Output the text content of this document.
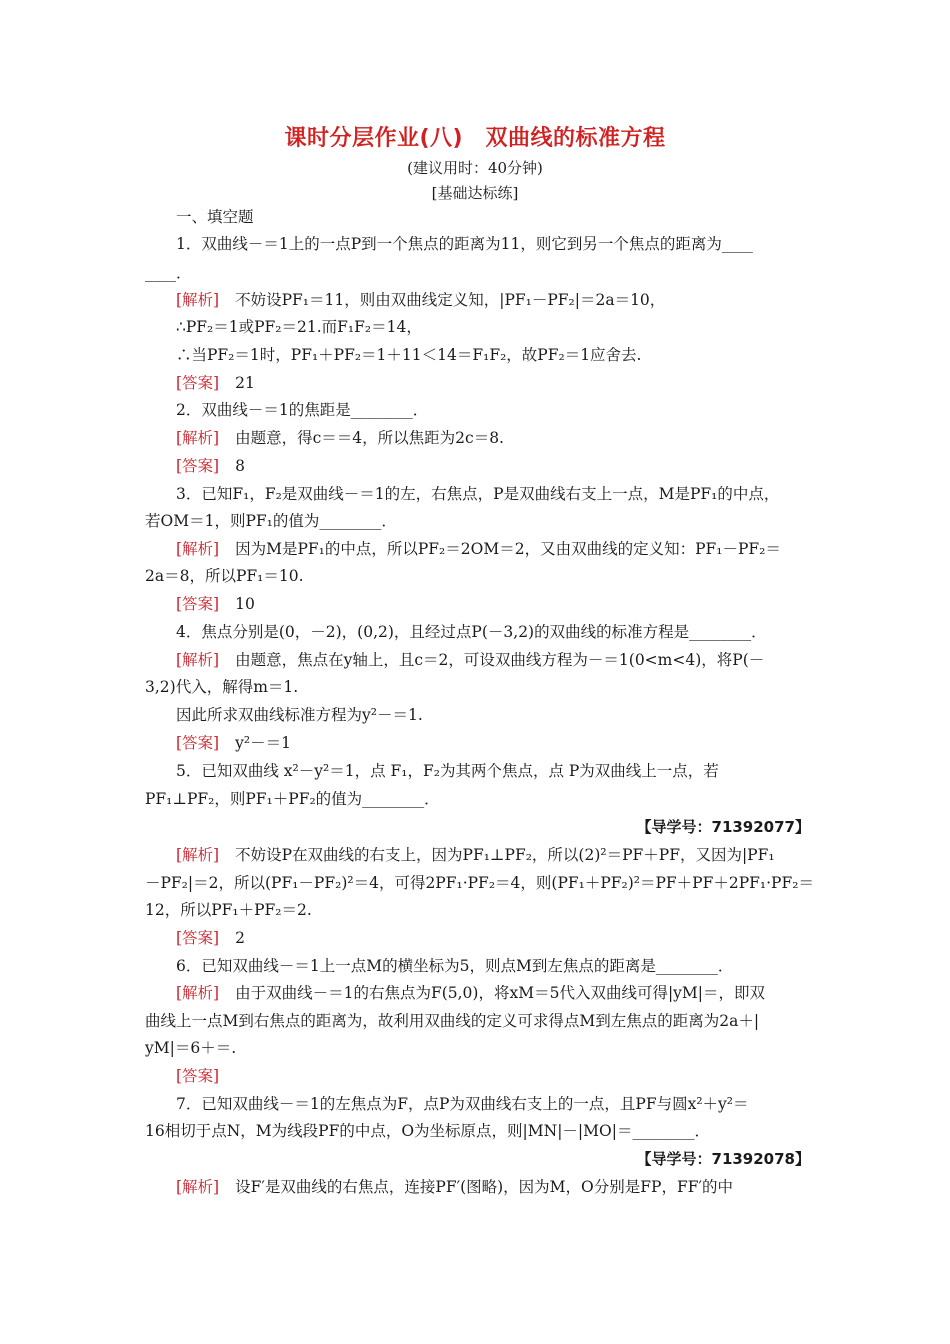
课时分层作业(八)　双曲线的标准方程
(建议用时：40分钟)
[基础达标练]
一、填空题
1．双曲线－＝1上的一点P到一个焦点的距离为11，则它到另一个焦点的距离为____
____．
[解析] 不妨设PF₁＝11，则由双曲线定义知，|PF₁－PF₂|＝2a＝10，
∴PF₂＝1或PF₂＝21.而F₁F₂＝14，
∴当PF₂＝1时，PF₁＋PF₂＝1＋11＜14＝F₁F₂，故PF₂＝1应舍去.
[答案] 21
2．双曲线－＝1的焦距是________．
[解析] 由题意，得c＝＝4，所以焦距为2c＝8.
[答案] 8
3．已知F₁，F₂是双曲线－＝1的左，右焦点，P是双曲线右支上一点，M是PF₁的中点，
若OM＝1，则PF₁的值为________．
[解析] 因为M是PF₁的中点，所以PF₂＝2OM＝2，又由双曲线的定义知：PF₁－PF₂＝
2a＝8，所以PF₁＝10.
[答案] 10
4．焦点分别是(0，－2)，(0,2)，且经过点P(－3,2)的双曲线的标准方程是________．
[解析] 由题意，焦点在y轴上，且c＝2，可设双曲线方程为－＝1(0<m<4)，将P(－
3,2)代入，解得m＝1.
因此所求双曲线标准方程为y²－＝1.
[答案] y²－＝1
5．已知双曲线 x²－y²＝1，点 F₁，F₂为其两个焦点，点 P为双曲线上一点，若
PF₁⊥PF₂，则PF₁＋PF₂的值为________．
【导学号：71392077】
[解析] 不妨设P在双曲线的右支上，因为PF₁⊥PF₂，所以(2)²＝PF＋PF，又因为|PF₁
－PF₂|＝2，所以(PF₁－PF₂)²＝4，可得2PF₁·PF₂＝4，则(PF₁＋PF₂)²＝PF＋PF＋2PF₁·PF₂＝
12，所以PF₁＋PF₂＝2.
[答案] 2
6．已知双曲线－＝1上一点M的横坐标为5，则点M到左焦点的距离是________．
[解析] 由于双曲线－＝1的右焦点为F(5,0)，将xM＝5代入双曲线可得|yM|＝，即双
曲线上一点M到右焦点的距离为，故利用双曲线的定义可求得点M到左焦点的距离为2a＋|
yM|＝6＋＝.
[答案]
7．已知双曲线－＝1的左焦点为F，点P为双曲线右支上的一点，且PF与圆x²＋y²＝
16相切于点N，M为线段PF的中点，O为坐标原点，则|MN|－|MO|＝________．
【导学号：71392078】
[解析] 设F′是双曲线的右焦点，连接PF′(图略)，因为M，O分别是FP，FF′的中
